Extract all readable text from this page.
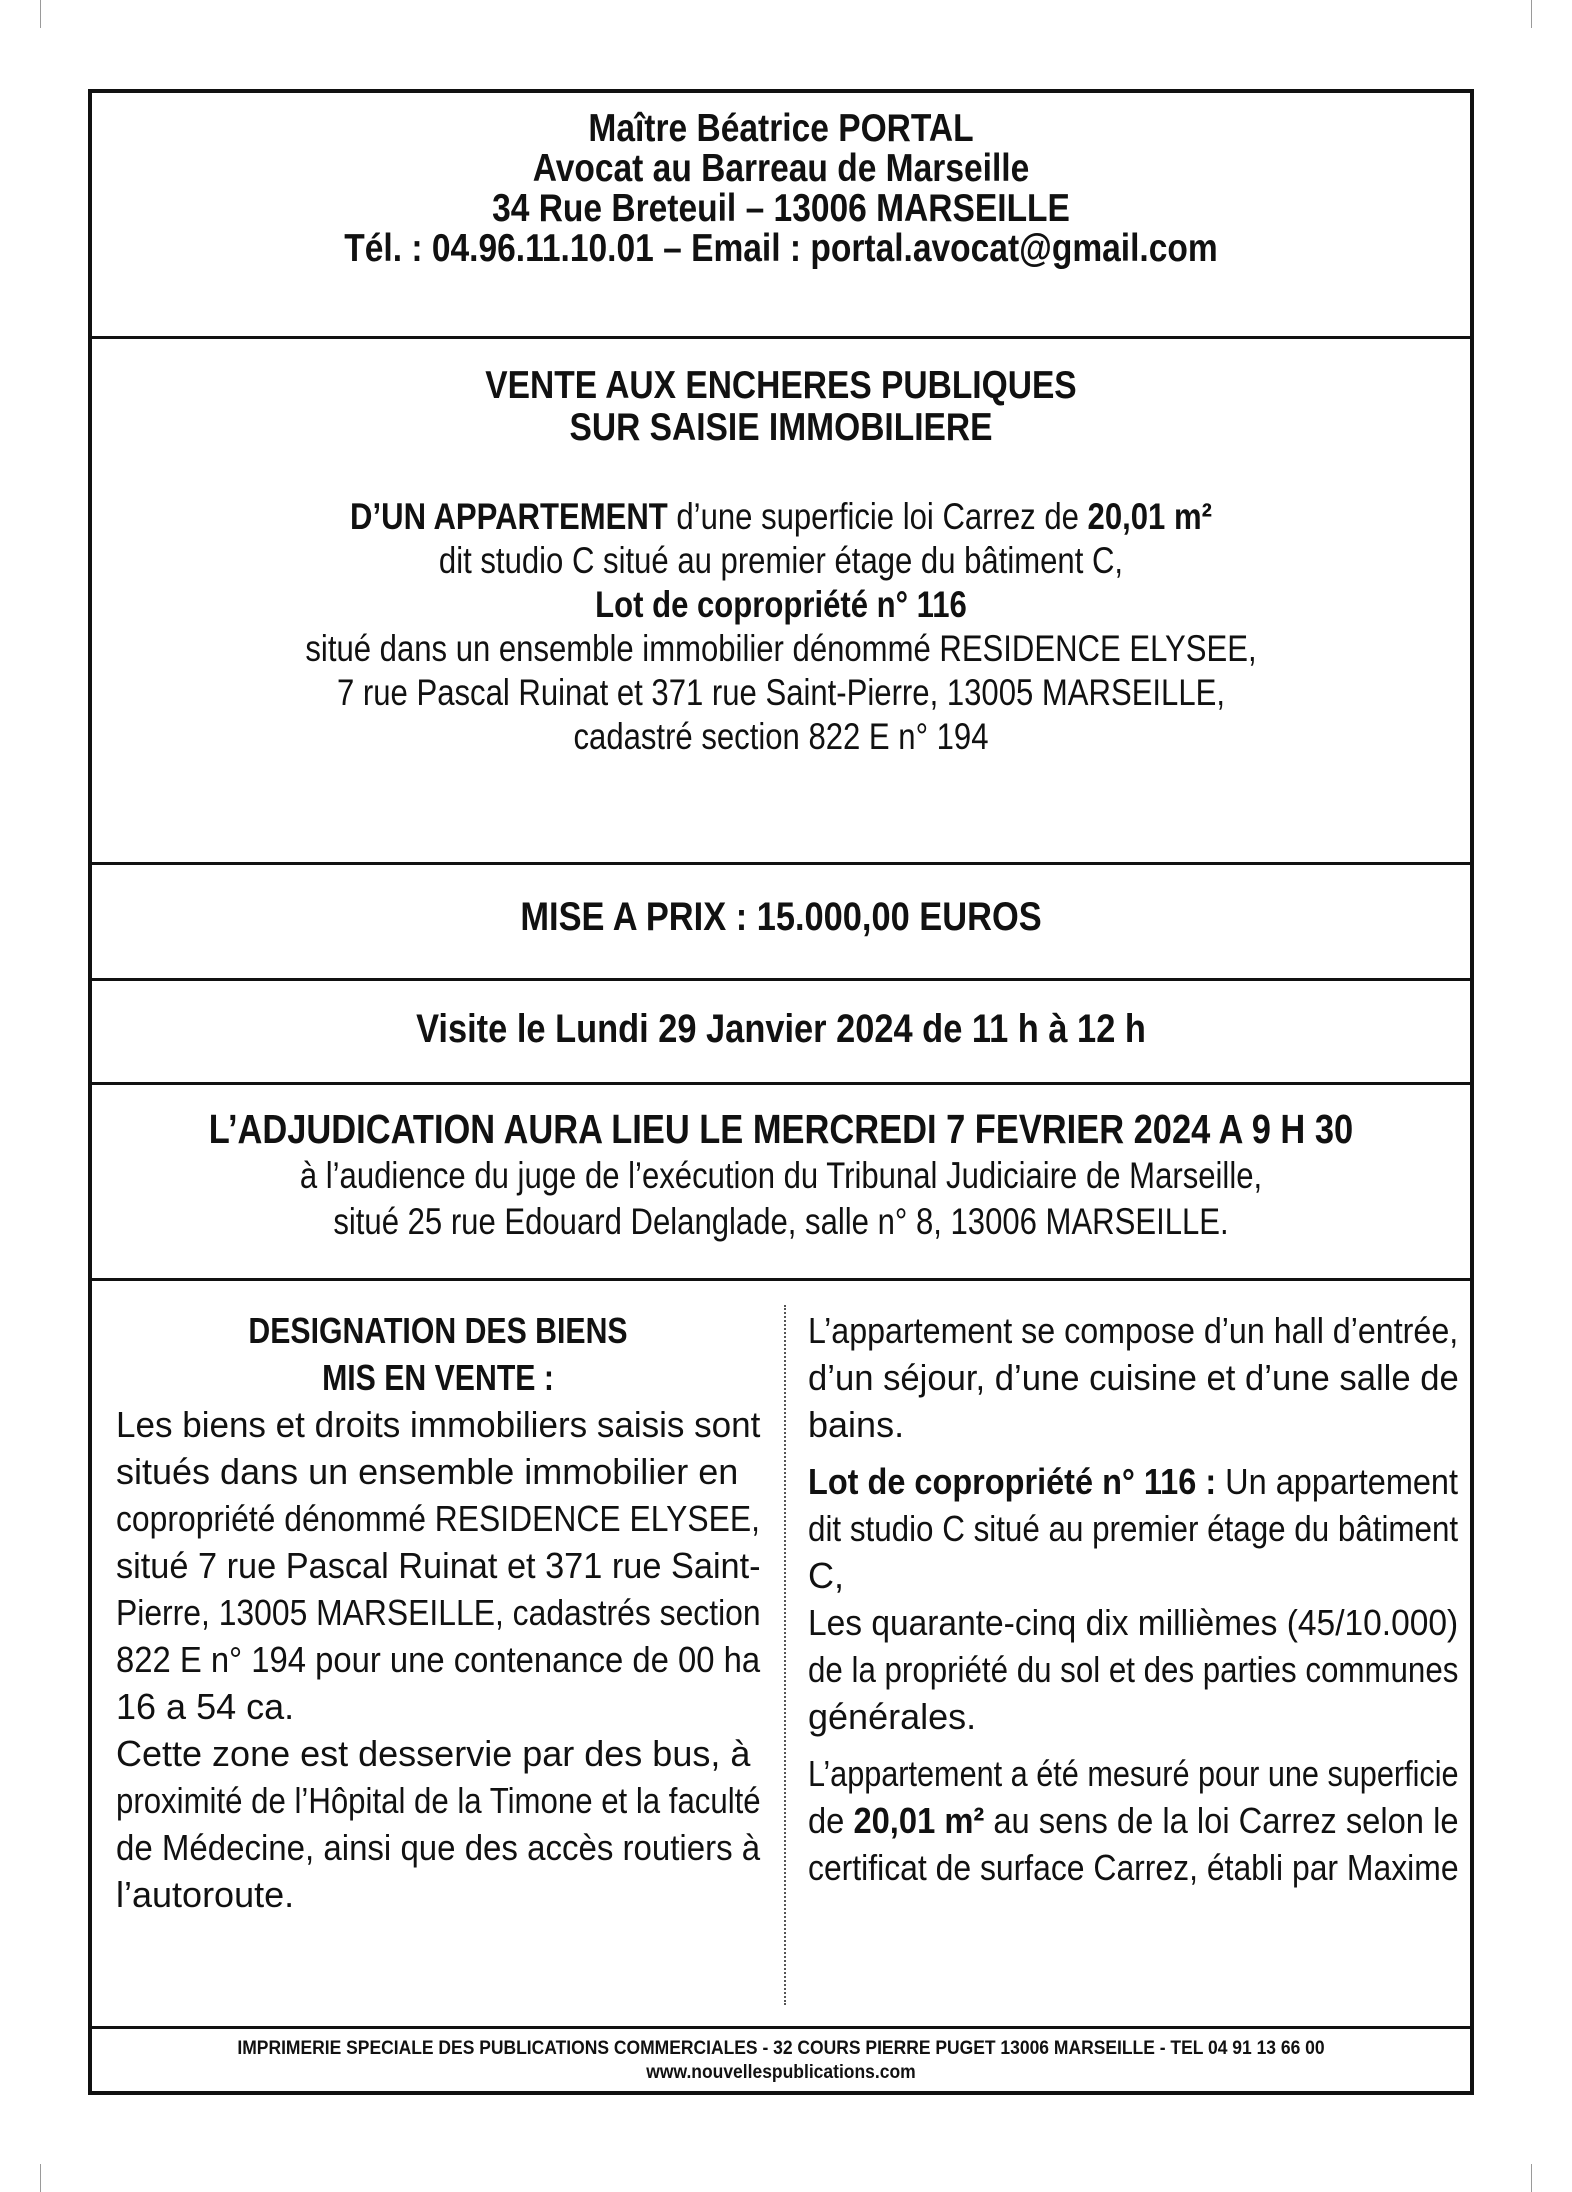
Maître Béatrice PORTAL
Avocat au Barreau de Marseille
34 Rue Breteuil – 13006 MARSEILLE
Tél. : 04.96.11.10.01 – Email : portal.avocat@gmail.com
VENTE AUX ENCHERES PUBLIQUES
SUR SAISIE IMMOBILIERE
D’UN APPARTEMENT d’une superficie loi Carrez de 20,01 m²
dit studio C situé au premier étage du bâtiment C,
Lot de copropriété n° 116
situé dans un ensemble immobilier dénommé RESIDENCE ELYSEE,
7 rue Pascal Ruinat et 371 rue Saint-Pierre, 13005 MARSEILLE,
cadastré section 822 E n° 194
MISE A PRIX : 15.000,00 EUROS
Visite le Lundi 29 Janvier 2024 de 11 h à 12 h
L’ADJUDICATION AURA LIEU LE MERCREDI 7 FEVRIER 2024 A 9 H 30
à l’audience du juge de l’exécution du Tribunal Judiciaire de Marseille,
situé 25 rue Edouard Delanglade, salle n° 8, 13006 MARSEILLE.
DESIGNATION DES BIENS
MIS EN VENTE :
Les biens et droits immobiliers saisis sont
situés dans un ensemble immobilier en
copropriété dénommé RESIDENCE ELYSEE,
situé 7 rue Pascal Ruinat et 371 rue Saint-
Pierre, 13005 MARSEILLE, cadastrés section
822 E n° 194 pour une contenance de 00 ha
16 a 54 ca.
Cette zone est desservie par des bus, à
proximité de l’Hôpital de la Timone et la faculté
de Médecine, ainsi que des accès routiers à
l’autoroute.
L’appartement se compose d’un hall d’entrée,
d’un séjour, d’une cuisine et d’une salle de
bains.
Lot de copropriété n° 116 : Un appartement
dit studio C situé au premier étage du bâtiment
C,
Les quarante-cinq dix millièmes (45/10.000)
de la propriété du sol et des parties communes
générales.
L’appartement a été mesuré pour une superficie
de 20,01 m² au sens de la loi Carrez selon le
certificat de surface Carrez, établi par Maxime
IMPRIMERIE SPECIALE DES PUBLICATIONS COMMERCIALES - 32 COURS PIERRE PUGET 13006 MARSEILLE - TEL 04 91 13 66 00
www.nouvellespublications.com
